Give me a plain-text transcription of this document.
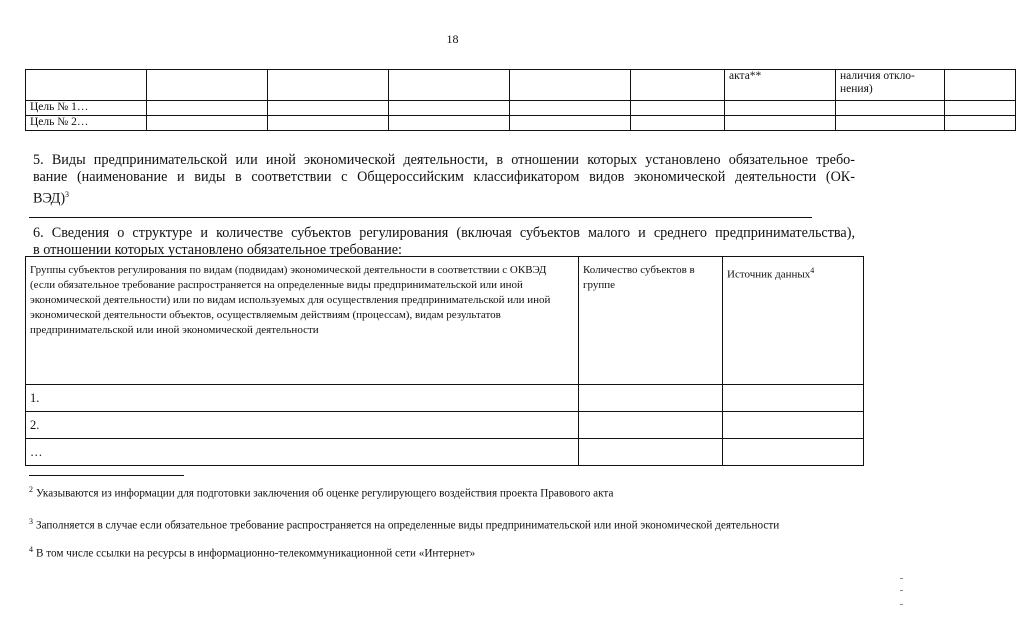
18
						акта**	наличия откло-нения)	
Цель № 1…								
Цель № 2…								
5. Виды предпринимательской или иной экономической деятельности, в отношении которых установлено обязательное требо-
вание (наименование и виды в соответствии с Общероссийским классификатором видов экономической деятельности (ОК-
ВЭД)$^3$
6. Сведения о структуре и количестве субъектов регулирования (включая субъектов малого и среднего предпринимательства),
в отношении которых установлено обязательное требование:
Группы субъектов регулирования по видам (подвидам) экономической деятельности в соответствии с ОКВЭД (если обязательное требование распространяется на определенные виды предпринимательской или иной экономической деятельности) или по видам используемых для осуществления предпринимательской или иной экономической деятельности объектов, осуществляемым действиям (процессам), видам результатов предпринимательской или иной экономической деятельности	Количество субъектов в группе	Источник данных$^4$
1.		
2.		
…		
$^2$ Указываются из информации для подготовки заключения об оценке регулирующего воздействия проекта Правового акта
$^3$ Заполняется в случае если обязательное требование распространяется на определенные виды предпринимательской или иной экономической деятельности
$^4$ В том числе ссылки на ресурсы в информационно-телекоммуникационной сети «Интернет»
